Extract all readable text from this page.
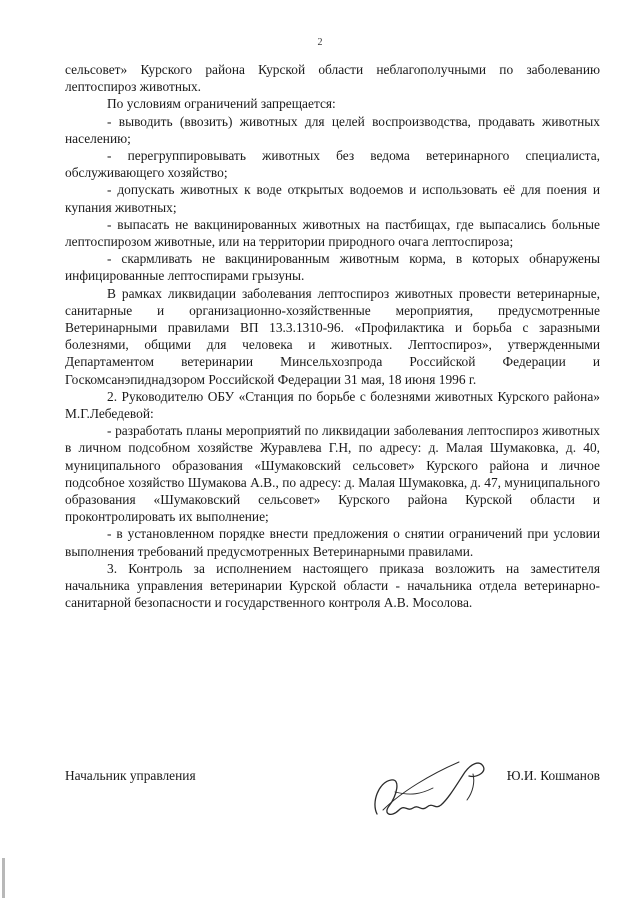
2

сельсовет» Курского района Курской области неблагополучными по заболеванию лептоспироз животных.

По условиям ограничений запрещается:

- выводить (ввозить) животных для целей воспроизводства, продавать животных населению;

- перегруппировывать животных без ведома ветеринарного специалиста, обслуживающего хозяйство;

- допускать животных к воде открытых водоемов и использовать её для поения и купания животных;

- выпасать не вакцинированных животных на пастбищах, где выпасались больные лептоспирозом животные, или на территории природного очага лептоспироза;

- скармливать не вакцинированным животным корма, в которых обнаружены инфицированные лептоспирами грызуны.

В рамках ликвидации заболевания лептоспироз животных провести ветеринарные, санитарные и организационно-хозяйственные мероприятия, предусмотренные Ветеринарными правилами ВП 13.3.1310-96. «Профилактика и борьба с заразными болезнями, общими для человека и животных. Лептоспироз», утвержденными Департаментом ветеринарии Минсельхозпрода Российской Федерации и Госкомсанэпиднадзором Российской Федерации 31 мая, 18 июня 1996 г.

2. Руководителю ОБУ «Станция по борьбе с болезнями животных Курского района» М.Г.Лебедевой:

- разработать планы мероприятий по ликвидации заболевания лептоспироз животных в личном подсобном хозяйстве Журавлева Г.Н, по адресу: д. Малая Шумаковка, д. 40, муниципального образования «Шумаковский сельсовет» Курского района и личное подсобное хозяйство Шумакова А.В., по адресу: д. Малая Шумаковка, д. 47, муниципального образования «Шумаковский сельсовет» Курского района Курской области и проконтролировать их выполнение;

- в установленном порядке внести предложения о снятии ограничений при условии выполнения требований предусмотренных Ветеринарными правилами.

3. Контроль за исполнением настоящего приказа возложить на заместителя начальника управления ветеринарии Курской области - начальника отдела ветеринарно-санитарной безопасности и государственного контроля А.В. Мосолова.

Начальник управления	Ю.И. Кошманов
